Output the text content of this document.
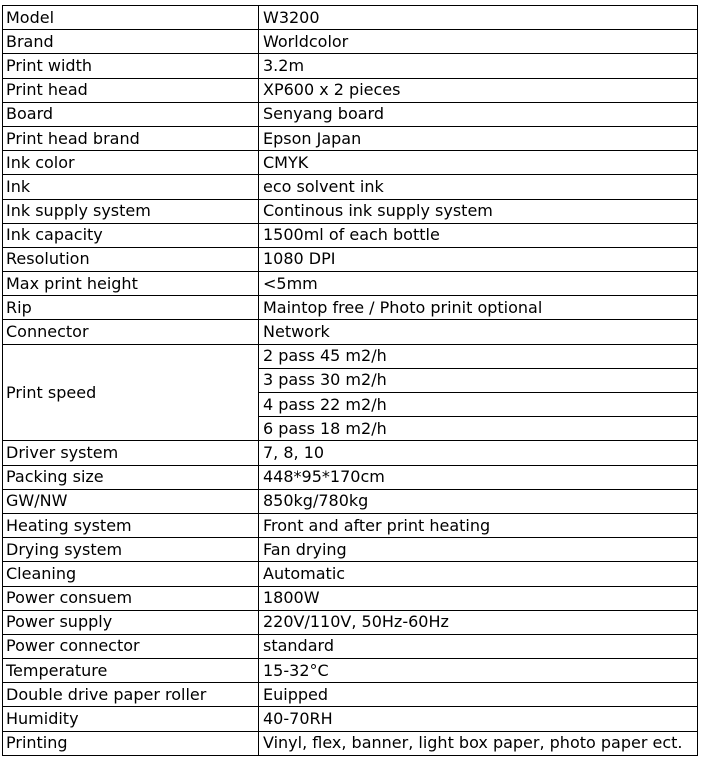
Model	W3200
Brand	Worldcolor
Print width	3.2m
Print head	XP600 x 2 pieces
Board	Senyang board
Print head brand	Epson Japan
Ink color	CMYK
Ink	eco solvent ink
Ink supply system	Continous ink supply system
Ink capacity	1500ml of each bottle
Resolution	1080 DPI
Max print height	<5mm
Rip	Maintop free / Photo prinit optional
Connector	Network
Print speed	2 pass 45 m2/h
	3 pass 30 m2/h
	4 pass 22 m2/h
	6 pass 18 m2/h
Driver system	7, 8, 10
Packing size	448*95*170cm
GW/NW	850kg/780kg
Heating system	Front and after print heating
Drying system	Fan drying
Cleaning	Automatic
Power consuem	1800W
Power supply	220V/110V, 50Hz-60Hz
Power connector	standard
Temperature	15-32°C
Double drive paper roller	Euipped
Humidity	40-70RH
Printing	Vinyl, flex, banner, light box paper, photo paper ect.
